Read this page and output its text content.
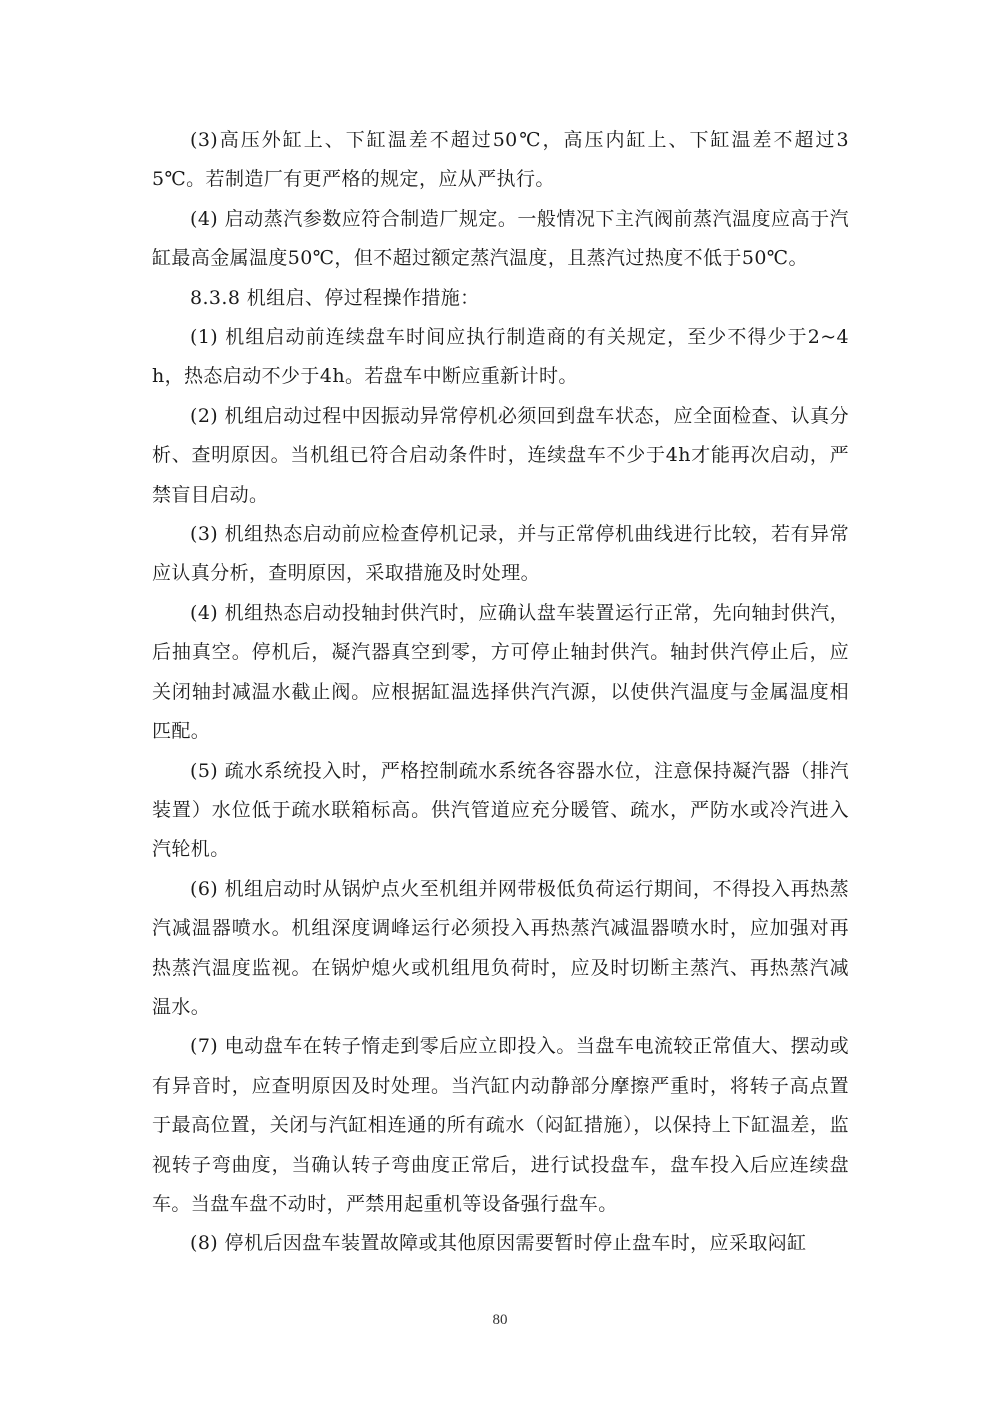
(3)高压外缸上、下缸温差不超过50℃，高压内缸上、下缸温差不超过35℃。若制造厂有更严格的规定，应从严执行。

(4) 启动蒸汽参数应符合制造厂规定。一般情况下主汽阀前蒸汽温度应高于汽缸最高金属温度50℃，但不超过额定蒸汽温度，且蒸汽过热度不低于50℃。

8.3.8 机组启、停过程操作措施：

(1) 机组启动前连续盘车时间应执行制造商的有关规定，至少不得少于2~4h，热态启动不少于4h。若盘车中断应重新计时。

(2) 机组启动过程中因振动异常停机必须回到盘车状态，应全面检查、认真分析、查明原因。当机组已符合启动条件时，连续盘车不少于4h才能再次启动，严禁盲目启动。

(3) 机组热态启动前应检查停机记录，并与正常停机曲线进行比较，若有异常应认真分析，查明原因，采取措施及时处理。

(4) 机组热态启动投轴封供汽时，应确认盘车装置运行正常，先向轴封供汽，后抽真空。停机后，凝汽器真空到零，方可停止轴封供汽。轴封供汽停止后，应关闭轴封减温水截止阀。应根据缸温选择供汽汽源，以使供汽温度与金属温度相匹配。

(5) 疏水系统投入时，严格控制疏水系统各容器水位，注意保持凝汽器（排汽装置）水位低于疏水联箱标高。供汽管道应充分暖管、疏水，严防水或冷汽进入汽轮机。

(6) 机组启动时从锅炉点火至机组并网带极低负荷运行期间，不得投入再热蒸汽减温器喷水。机组深度调峰运行必须投入再热蒸汽减温器喷水时，应加强对再热蒸汽温度监视。在锅炉熄火或机组甩负荷时，应及时切断主蒸汽、再热蒸汽减温水。

(7) 电动盘车在转子惰走到零后应立即投入。当盘车电流较正常值大、摆动或有异音时，应查明原因及时处理。当汽缸内动静部分摩擦严重时，将转子高点置于最高位置，关闭与汽缸相连通的所有疏水（闷缸措施），以保持上下缸温差，监视转子弯曲度，当确认转子弯曲度正常后，进行试投盘车，盘车投入后应连续盘车。当盘车盘不动时，严禁用起重机等设备强行盘车。

(8) 停机后因盘车装置故障或其他原因需要暂时停止盘车时，应采取闷缸

80
